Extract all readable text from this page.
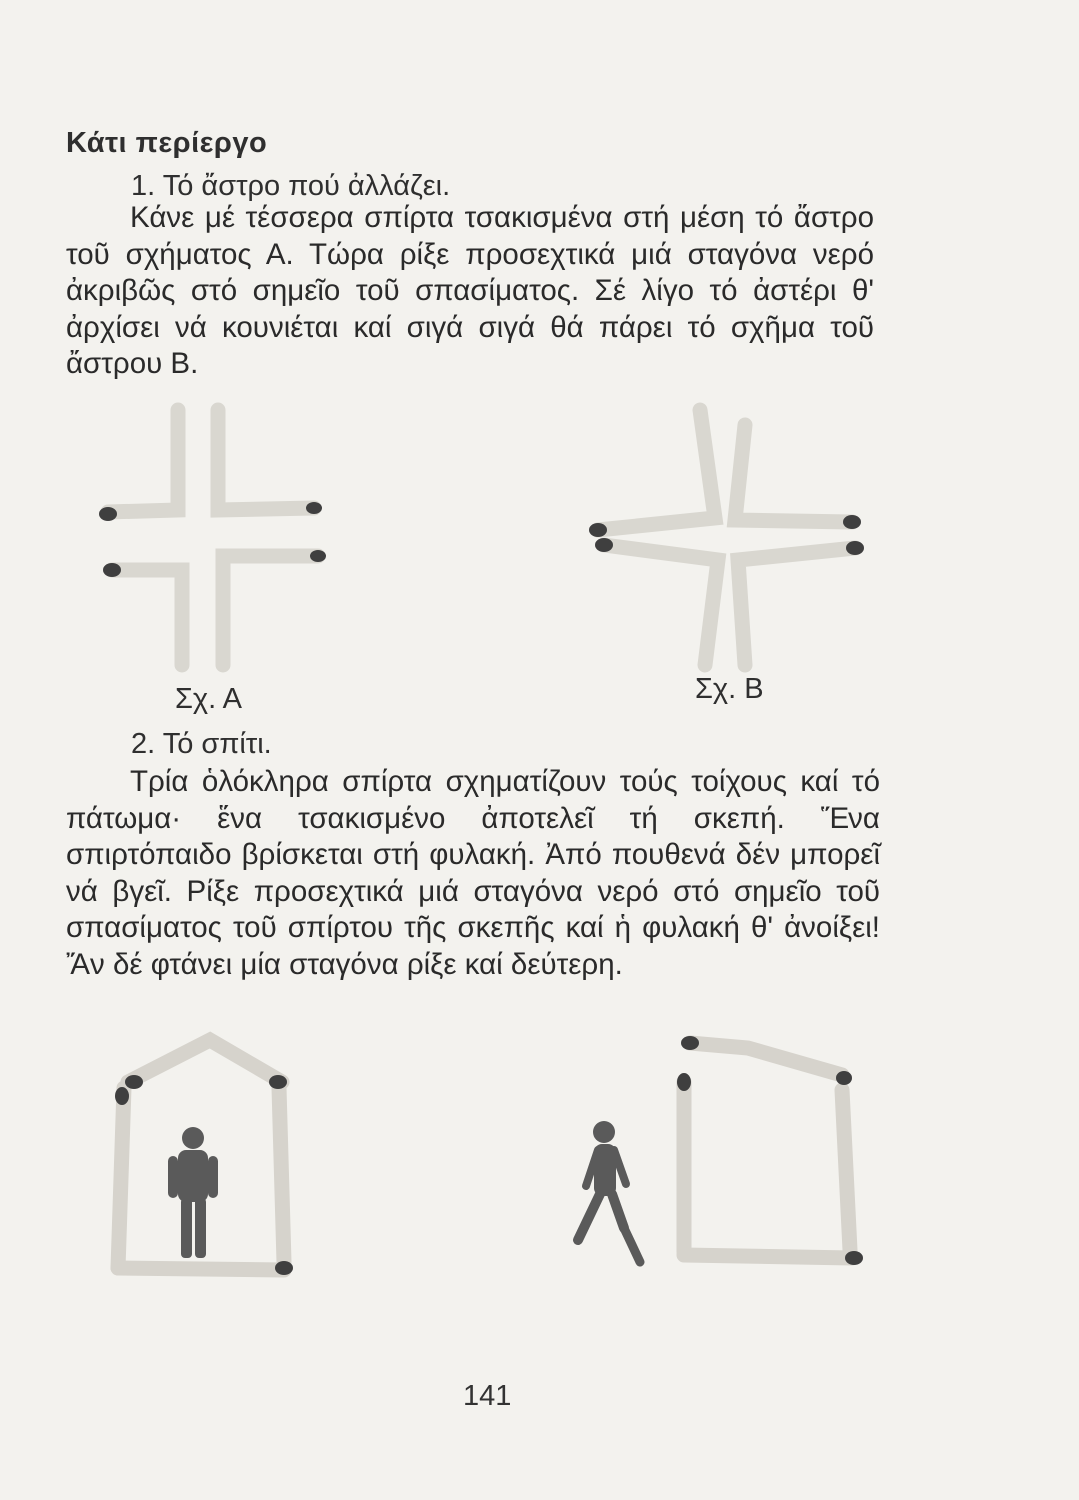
Κάτι περίεργο
1. Τό ἄστρο πού ἀλλάζει.
Κάνε μέ τέσσερα σπίρτα τσακισμένα στή μέση τό ἄστρο τοῦ σχήματος Α. Τώρα ρίξε προσεχτικά μιά σταγόνα νερό ἀκριβῶς στό σημεῖο τοῦ σπασίματος. Σέ λίγο τό ἀστέρι θ' ἀρχίσει νά κουνιέται καί σιγά σιγά θά πάρει τό σχῆμα τοῦ ἄστρου Β.
Σχ. Α	Σχ. Β
2. Τό σπίτι.
Τρία ὁλόκληρα σπίρτα σχηματίζουν τούς τοίχους καί τό πάτωμα· ἕνα τσακισμένο ἀποτελεῖ τή σκεπή. Ἕνα σπιρτόπαιδο βρίσκεται στή φυλακή. Ἀπό πουθενά δέν μπορεῖ νά βγεῖ. Ρίξε προσεχτικά μιά σταγόνα νερό στό σημεῖο τοῦ σπασίματος τοῦ σπίρτου τῆς σκεπῆς καί ἡ φυλακή θ' ἀνοίξει! Ἄν δέ φτάνει μία σταγόνα ρίξε καί δεύτερη.
141
